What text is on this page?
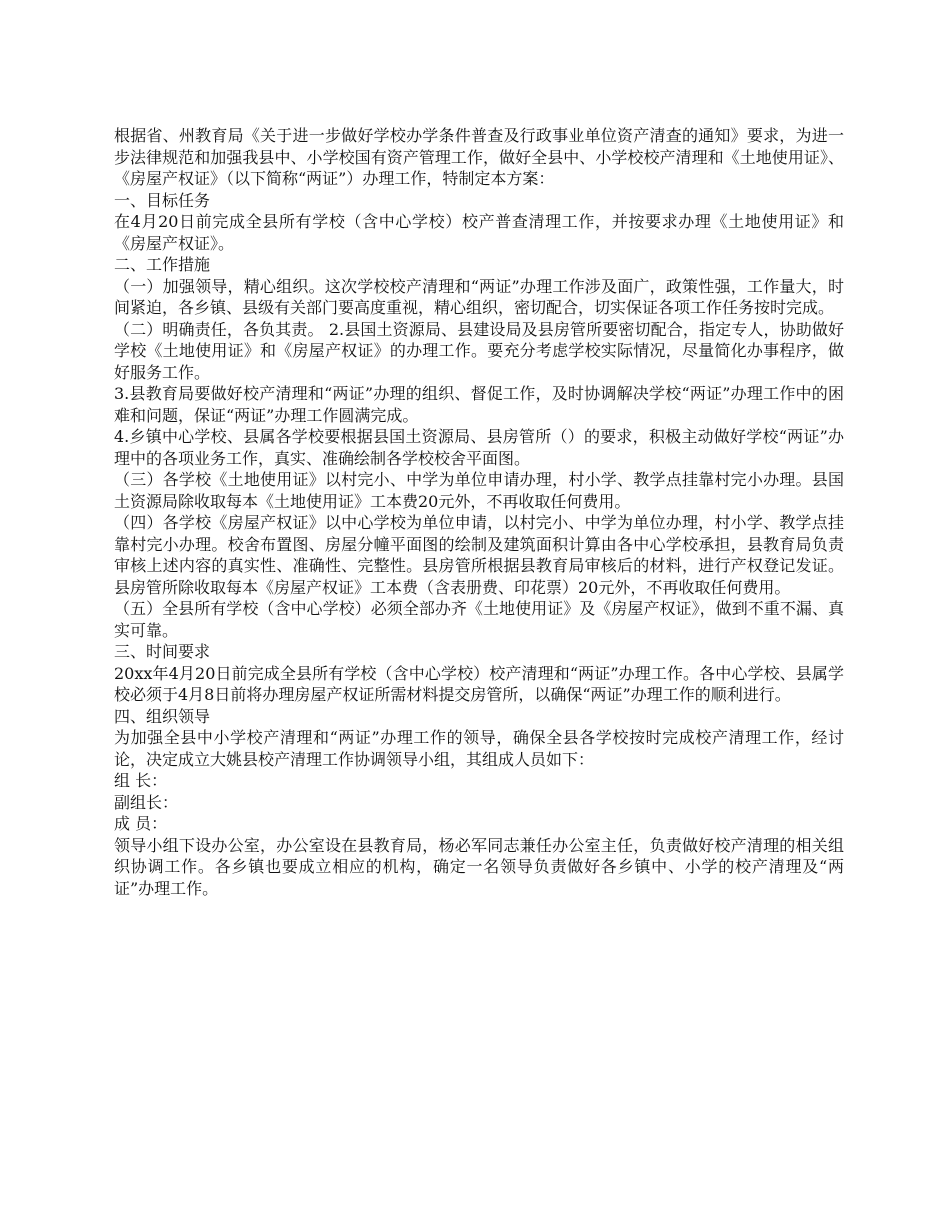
根据省、州教育局《关于进一步做好学校办学条件普查及行政事业单位资产清查的通知》要求，为进一步法律规范和加强我县中、小学校国有资产管理工作，做好全县中、小学校校产清理和《土地使用证》、《房屋产权证》（以下简称“两证”）办理工作，特制定本方案：

一、目标任务

在4月20日前完成全县所有学校（含中心学校）校产普查清理工作，并按要求办理《土地使用证》和《房屋产权证》。

二、工作措施

（一）加强领导，精心组织。这次学校校产清理和“两证”办理工作涉及面广，政策性强，工作量大，时间紧迫，各乡镇、县级有关部门要高度重视，精心组织，密切配合，切实保证各项工作任务按时完成。

（二）明确责任，各负其责。 2.县国土资源局、县建设局及县房管所要密切配合，指定专人，协助做好学校《土地使用证》和《房屋产权证》的办理工作。要充分考虑学校实际情况，尽量简化办事程序，做好服务工作。

3.县教育局要做好校产清理和“两证”办理的组织、督促工作，及时协调解决学校“两证”办理工作中的困难和问题，保证“两证”办理工作圆满完成。

4.乡镇中心学校、县属各学校要根据县国土资源局、县房管所（）的要求，积极主动做好学校“两证”办理中的各项业务工作，真实、准确绘制各学校校舍平面图。

（三）各学校《土地使用证》以村完小、中学为单位申请办理，村小学、教学点挂靠村完小办理。县国土资源局除收取每本《土地使用证》工本费20元外，不再收取任何费用。

（四）各学校《房屋产权证》以中心学校为单位申请，以村完小、中学为单位办理，村小学、教学点挂靠村完小办理。校舍布置图、房屋分幢平面图的绘制及建筑面积计算由各中心学校承担，县教育局负责审核上述内容的真实性、准确性、完整性。县房管所根据县教育局审核后的材料，进行产权登记发证。县房管所除收取每本《房屋产权证》工本费（含表册费、印花票）20元外，不再收取任何费用。

（五）全县所有学校（含中心学校）必须全部办齐《土地使用证》及《房屋产权证》，做到不重不漏、真实可靠。

三、时间要求

20xx年4月20日前完成全县所有学校（含中心学校）校产清理和“两证”办理工作。各中心学校、县属学校必须于4月8日前将办理房屋产权证所需材料提交房管所，以确保“两证”办理工作的顺利进行。

四、组织领导

为加强全县中小学校产清理和“两证”办理工作的领导，确保全县各学校按时完成校产清理工作，经讨论，决定成立大姚县校产清理工作协调领导小组，其组成人员如下：

组 长：

副组长：

成 员：

领导小组下设办公室，办公室设在县教育局，杨必军同志兼任办公室主任，负责做好校产清理的相关组织协调工作。各乡镇也要成立相应的机构，确定一名领导负责做好各乡镇中、小学的校产清理及“两证”办理工作。
